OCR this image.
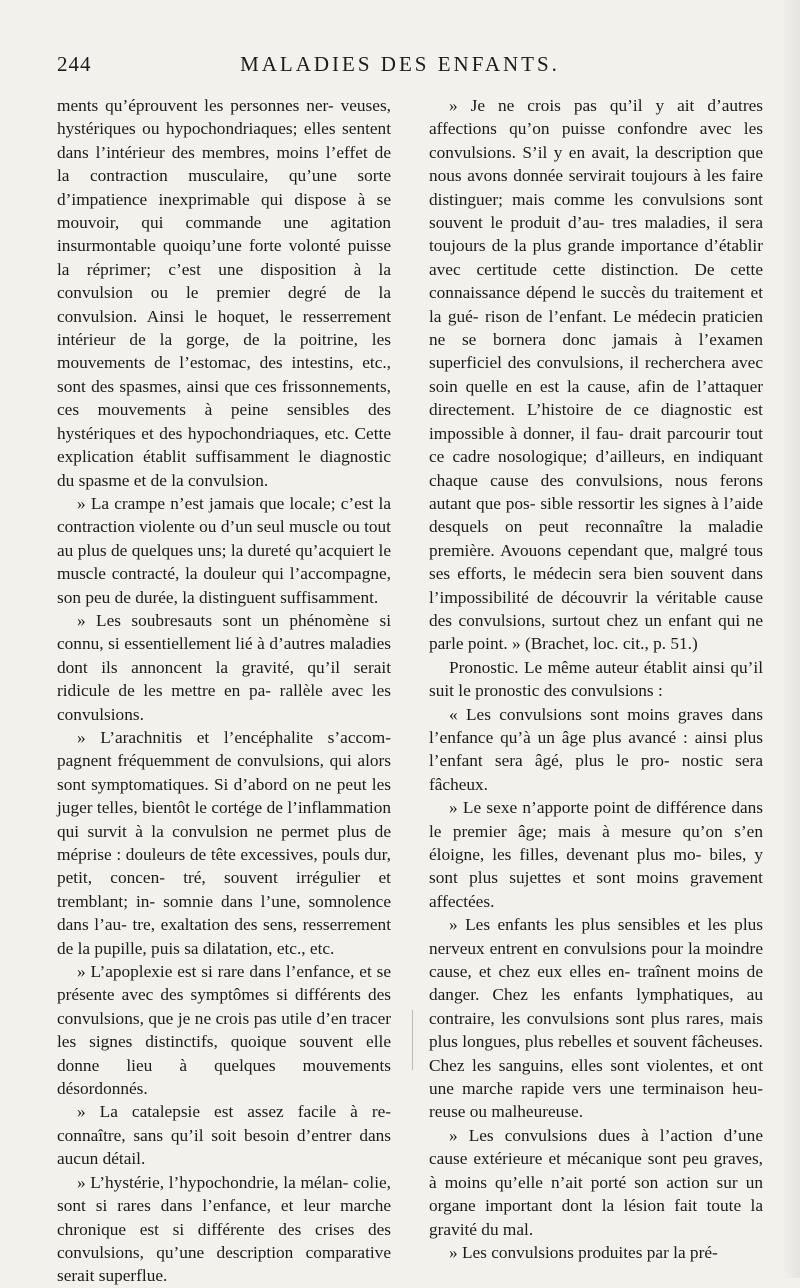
244	MALADIES DES ENFANTS.

ments qu’éprouvent les personnes ner- veuses, hystériques ou hypochondriaques; elles sentent dans l’intérieur des membres, moins l’effet de la contraction musculaire, qu’une sorte d’impatience inexprimable qui dispose à se mouvoir, qui commande une agitation insurmontable quoiqu’une forte volonté puisse la réprimer; c’est une disposition à la convulsion ou le premier degré de la convulsion. Ainsi le hoquet, le resserrement intérieur de la gorge, de la poitrine, les mouvements de l’estomac, des intestins, etc., sont des spasmes, ainsi que ces frissonnements, ces mouvements à peine sensibles des hystériques et des hypochondriaques, etc. Cette explication établit suffisamment le diagnostic du spasme et de la convulsion.

» La crampe n’est jamais que locale; c’est la contraction violente ou d’un seul muscle ou tout au plus de quelques uns; la dureté qu’acquiert le muscle contracté, la douleur qui l’accompagne, son peu de durée, la distinguent suffisamment.

» Les soubresauts sont un phénomène si connu, si essentiellement lié à d’autres maladies dont ils annoncent la gravité, qu’il serait ridicule de les mettre en pa- rallèle avec les convulsions.

» L’arachnitis et l’encéphalite s’accom- pagnent fréquemment de convulsions, qui alors sont symptomatiques. Si d’abord on ne peut les juger telles, bientôt le cortége de l’inflammation qui survit à la convulsion ne permet plus de méprise : douleurs de tête excessives, pouls dur, petit, concen- tré, souvent irrégulier et tremblant; in- somnie dans l’une, somnolence dans l’au- tre, exaltation des sens, resserrement de la pupille, puis sa dilatation, etc., etc.

» L’apoplexie est si rare dans l’enfance, et se présente avec des symptômes si différents des convulsions, que je ne crois pas utile d’en tracer les signes distinctifs, quoique souvent elle donne lieu à quelques mouvements désordonnés.

» La catalepsie est assez facile à re- connaître, sans qu’il soit besoin d’entrer dans aucun détail.

» L’hystérie, l’hypochondrie, la mélan- colie, sont si rares dans l’enfance, et leur marche chronique est si différente des crises des convulsions, qu’une description comparative serait superflue.

» Je ne crois pas qu’il y ait d’autres affections qu’on puisse confondre avec les convulsions. S’il y en avait, la description que nous avons donnée servirait toujours à les faire distinguer; mais comme les convulsions sont souvent le produit d’au- tres maladies, il sera toujours de la plus grande importance d’établir avec certitude cette distinction. De cette connaissance dépend le succès du traitement et la gué- rison de l’enfant. Le médecin praticien ne se bornera donc jamais à l’examen superficiel des convulsions, il recherchera avec soin quelle en est la cause, afin de l’attaquer directement. L’histoire de ce diagnostic est impossible à donner, il fau- drait parcourir tout ce cadre nosologique; d’ailleurs, en indiquant chaque cause des convulsions, nous ferons autant que pos- sible ressortir les signes à l’aide desquels on peut reconnaître la maladie première. Avouons cependant que, malgré tous ses efforts, le médecin sera bien souvent dans l’impossibilité de découvrir la véritable cause des convulsions, surtout chez un enfant qui ne parle point. » (Brachet, loc. cit., p. 51.)

Pronostic. Le même auteur établit ainsi qu’il suit le pronostic des convulsions :

« Les convulsions sont moins graves dans l’enfance qu’à un âge plus avancé : ainsi plus l’enfant sera âgé, plus le pro- nostic sera fâcheux.

» Le sexe n’apporte point de différence dans le premier âge; mais à mesure qu’on s’en éloigne, les filles, devenant plus mo- biles, y sont plus sujettes et sont moins gravement affectées.

» Les enfants les plus sensibles et les plus nerveux entrent en convulsions pour la moindre cause, et chez eux elles en- traînent moins de danger. Chez les enfants lymphatiques, au contraire, les convulsions sont plus rares, mais plus longues, plus rebelles et souvent fâcheuses. Chez les sanguins, elles sont violentes, et ont une marche rapide vers une terminaison heu- reuse ou malheureuse.

» Les convulsions dues à l’action d’une cause extérieure et mécanique sont peu graves, à moins qu’elle n’ait porté son action sur un organe important dont la lésion fait toute la gravité du mal.

» Les convulsions produites par la pré-
